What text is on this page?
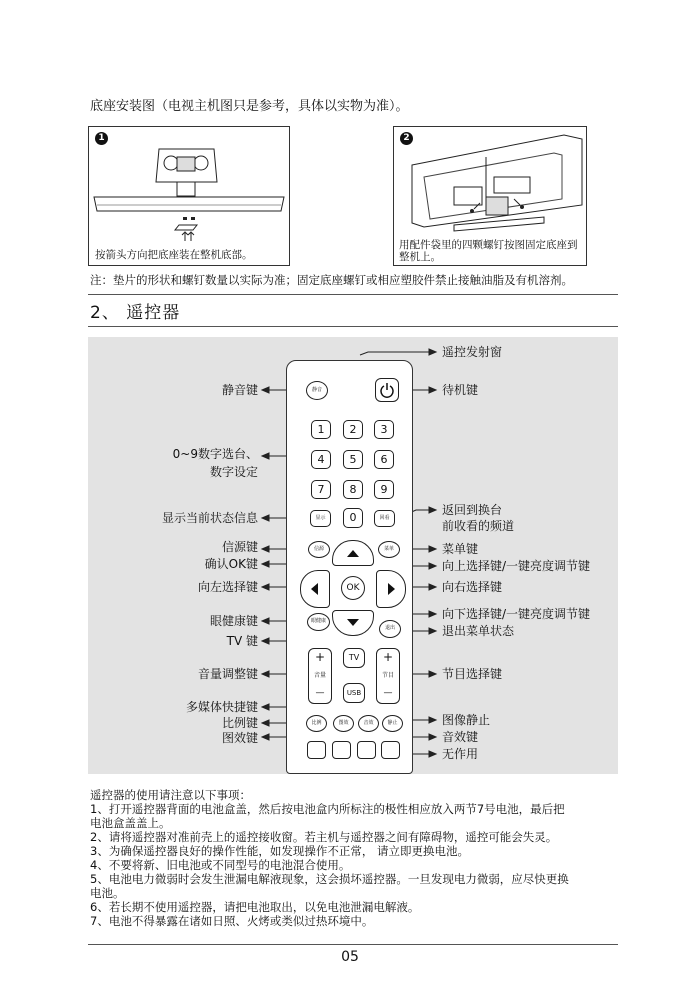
底座安装图（电视主机图只是参考，具体以实物为准）。
1
按箭头方向把底座装在整机底部。
2
用配件袋里的四颗螺钉按图固定底座到整机上。
注：垫片的形状和螺钉数量以实际为准；固定底座螺钉或相应塑胶件禁止接触油脂及有机溶剂。
2、 遥控器
静音
1	2	3
4	5	6
7	8	9
显示	0	回看
信源	菜单
OK
眼健康
退出
+
音量
—
+
节目
—
TV
USB
比例	图效	音效	静止
静音键
0~9数字选台、
数字设定
显示当前状态信息
信源键
确认OK键
向左选择键
眼健康键
TV 键
音量调整键
多媒体快捷键
比例键
图效键
遥控发射窗
待机键
返回到换台
前收看的频道
菜单键
向上选择键/一键亮度调节键
向右选择键
向下选择键/一键亮度调节键
退出菜单状态
节目选择键
图像静止
音效键
无作用
遥控器的使用请注意以下事项：
1、打开遥控器背面的电池盒盖，然后按电池盒内所标注的极性相应放入两节7号电池，最后把
电池盒盖盖上。
2、请将遥控器对准前壳上的遥控接收窗。若主机与遥控器之间有障碍物，遥控可能会失灵。
3、为确保遥控器良好的操作性能，如发现操作不正常， 请立即更换电池。
4、不要将新、旧电池或不同型号的电池混合使用。
5、电池电力微弱时会发生泄漏电解液现象，这会损坏遥控器。一旦发现电力微弱，应尽快更换
电池。
6、若长期不使用遥控器，请把电池取出，以免电池泄漏电解液。
7、电池不得暴露在诸如日照、火烤或类似过热环境中。
05
